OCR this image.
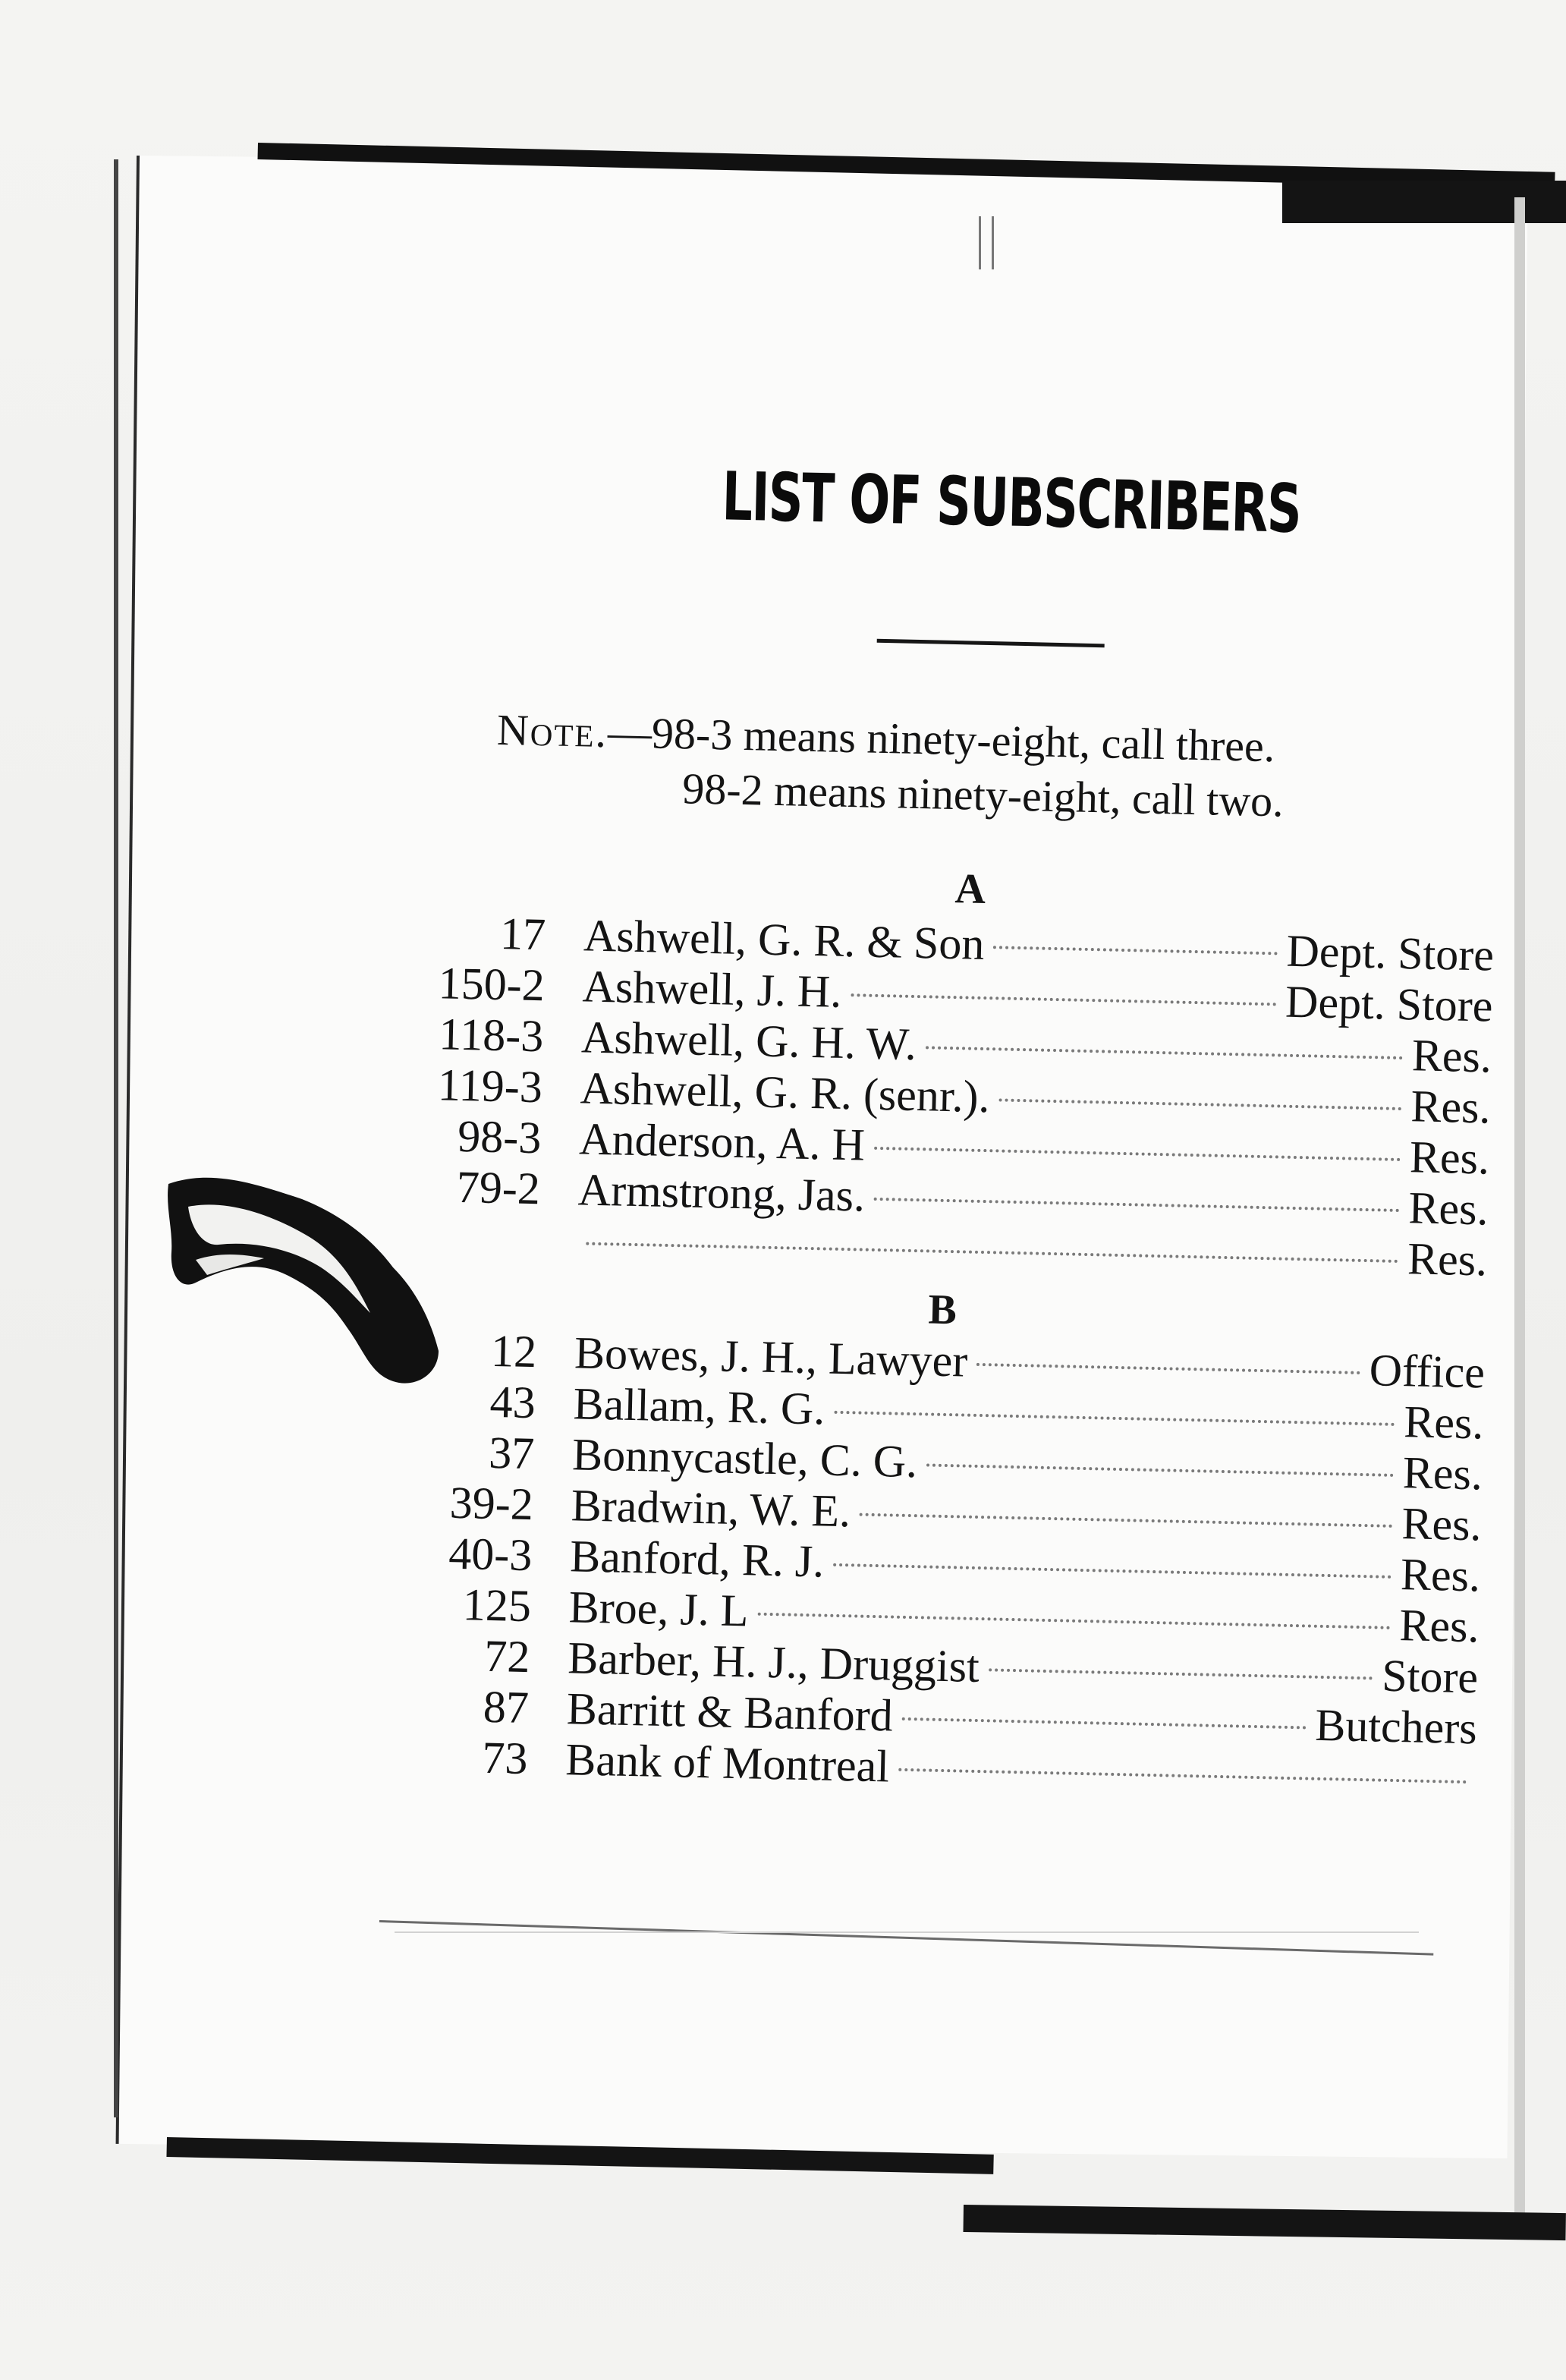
LIST OF SUBSCRIBERS
Note.—98-3 means ninety-eight, call three.
98-2 means ninety-eight, call two.
A
17 Ashwell, G. R. & Son	Dept. Store
150-2 Ashwell, J. H.	Dept. Store
118-3 Ashwell, G. H. W.	Res.
119-3 Ashwell, G. R. (senr.).	Res.
98-3 Anderson, A. H	Res.
79-2 Armstrong, Jas.	Res.
Res.
B
12 Bowes, J. H., Lawyer	Office
43 Ballam, R. G.	Res.
37 Bonnycastle, C. G.	Res.
39-2 Bradwin, W. E.	Res.
40-3 Banford, R. J.	Res.
125 Broe, J. L	Res.
72 Barber, H. J., Druggist	Store
87 Barritt & Banford	Butchers
73 Bank of Montreal
